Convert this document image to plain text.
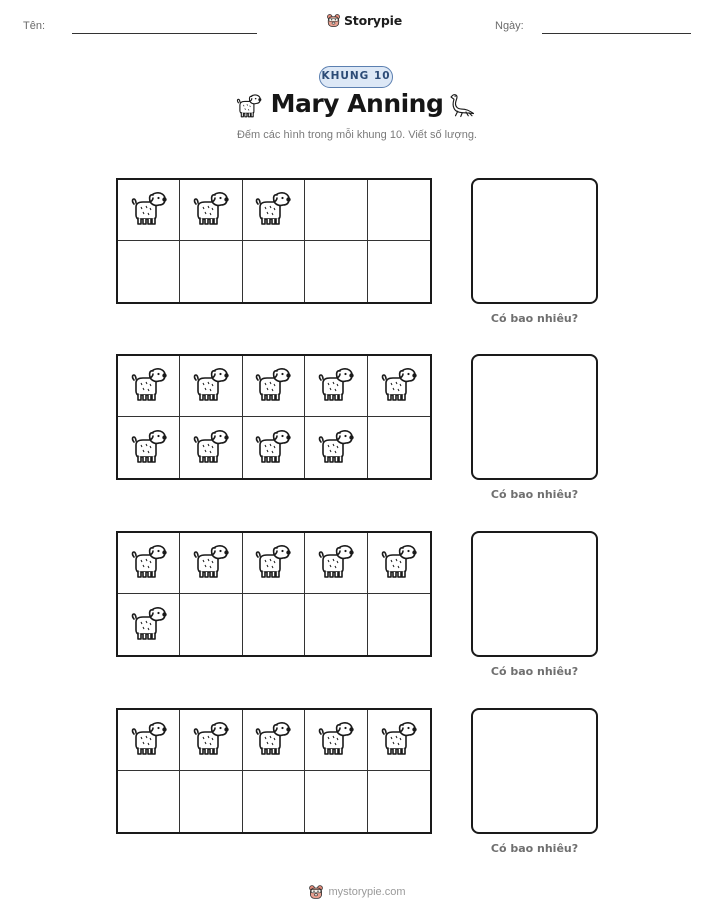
Tên:	Storypie	Ngày:
KHUNG 10
Mary Anning
Đếm các hình trong mỗi khung 10. Viết số lượng.
Có bao nhiêu?
Có bao nhiêu?
Có bao nhiêu?
Có bao nhiêu?
mystorypie.com
